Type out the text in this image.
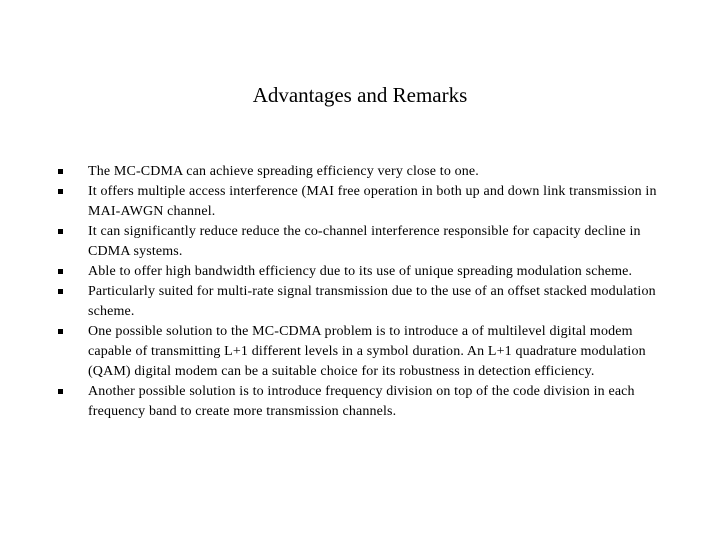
Advantages and Remarks
The MC-CDMA can achieve spreading efficiency very close to one.
It offers multiple access interference (MAI free operation in both up and down link transmission in MAI-AWGN channel.
It can significantly reduce reduce the co-channel interference responsible for capacity decline in CDMA systems.
Able to offer high bandwidth efficiency due to its use of unique spreading modulation scheme.
Particularly suited for multi-rate signal transmission due to the use of an offset stacked modulation scheme.
One possible solution to the MC-CDMA problem is to introduce a of multilevel digital modem capable of transmitting L+1 different levels in a symbol duration. An L+1 quadrature modulation (QAM) digital modem can be a suitable choice for its robustness in detection efficiency.
Another possible solution is to introduce frequency division on top of the code division in each frequency band to create more transmission channels.
